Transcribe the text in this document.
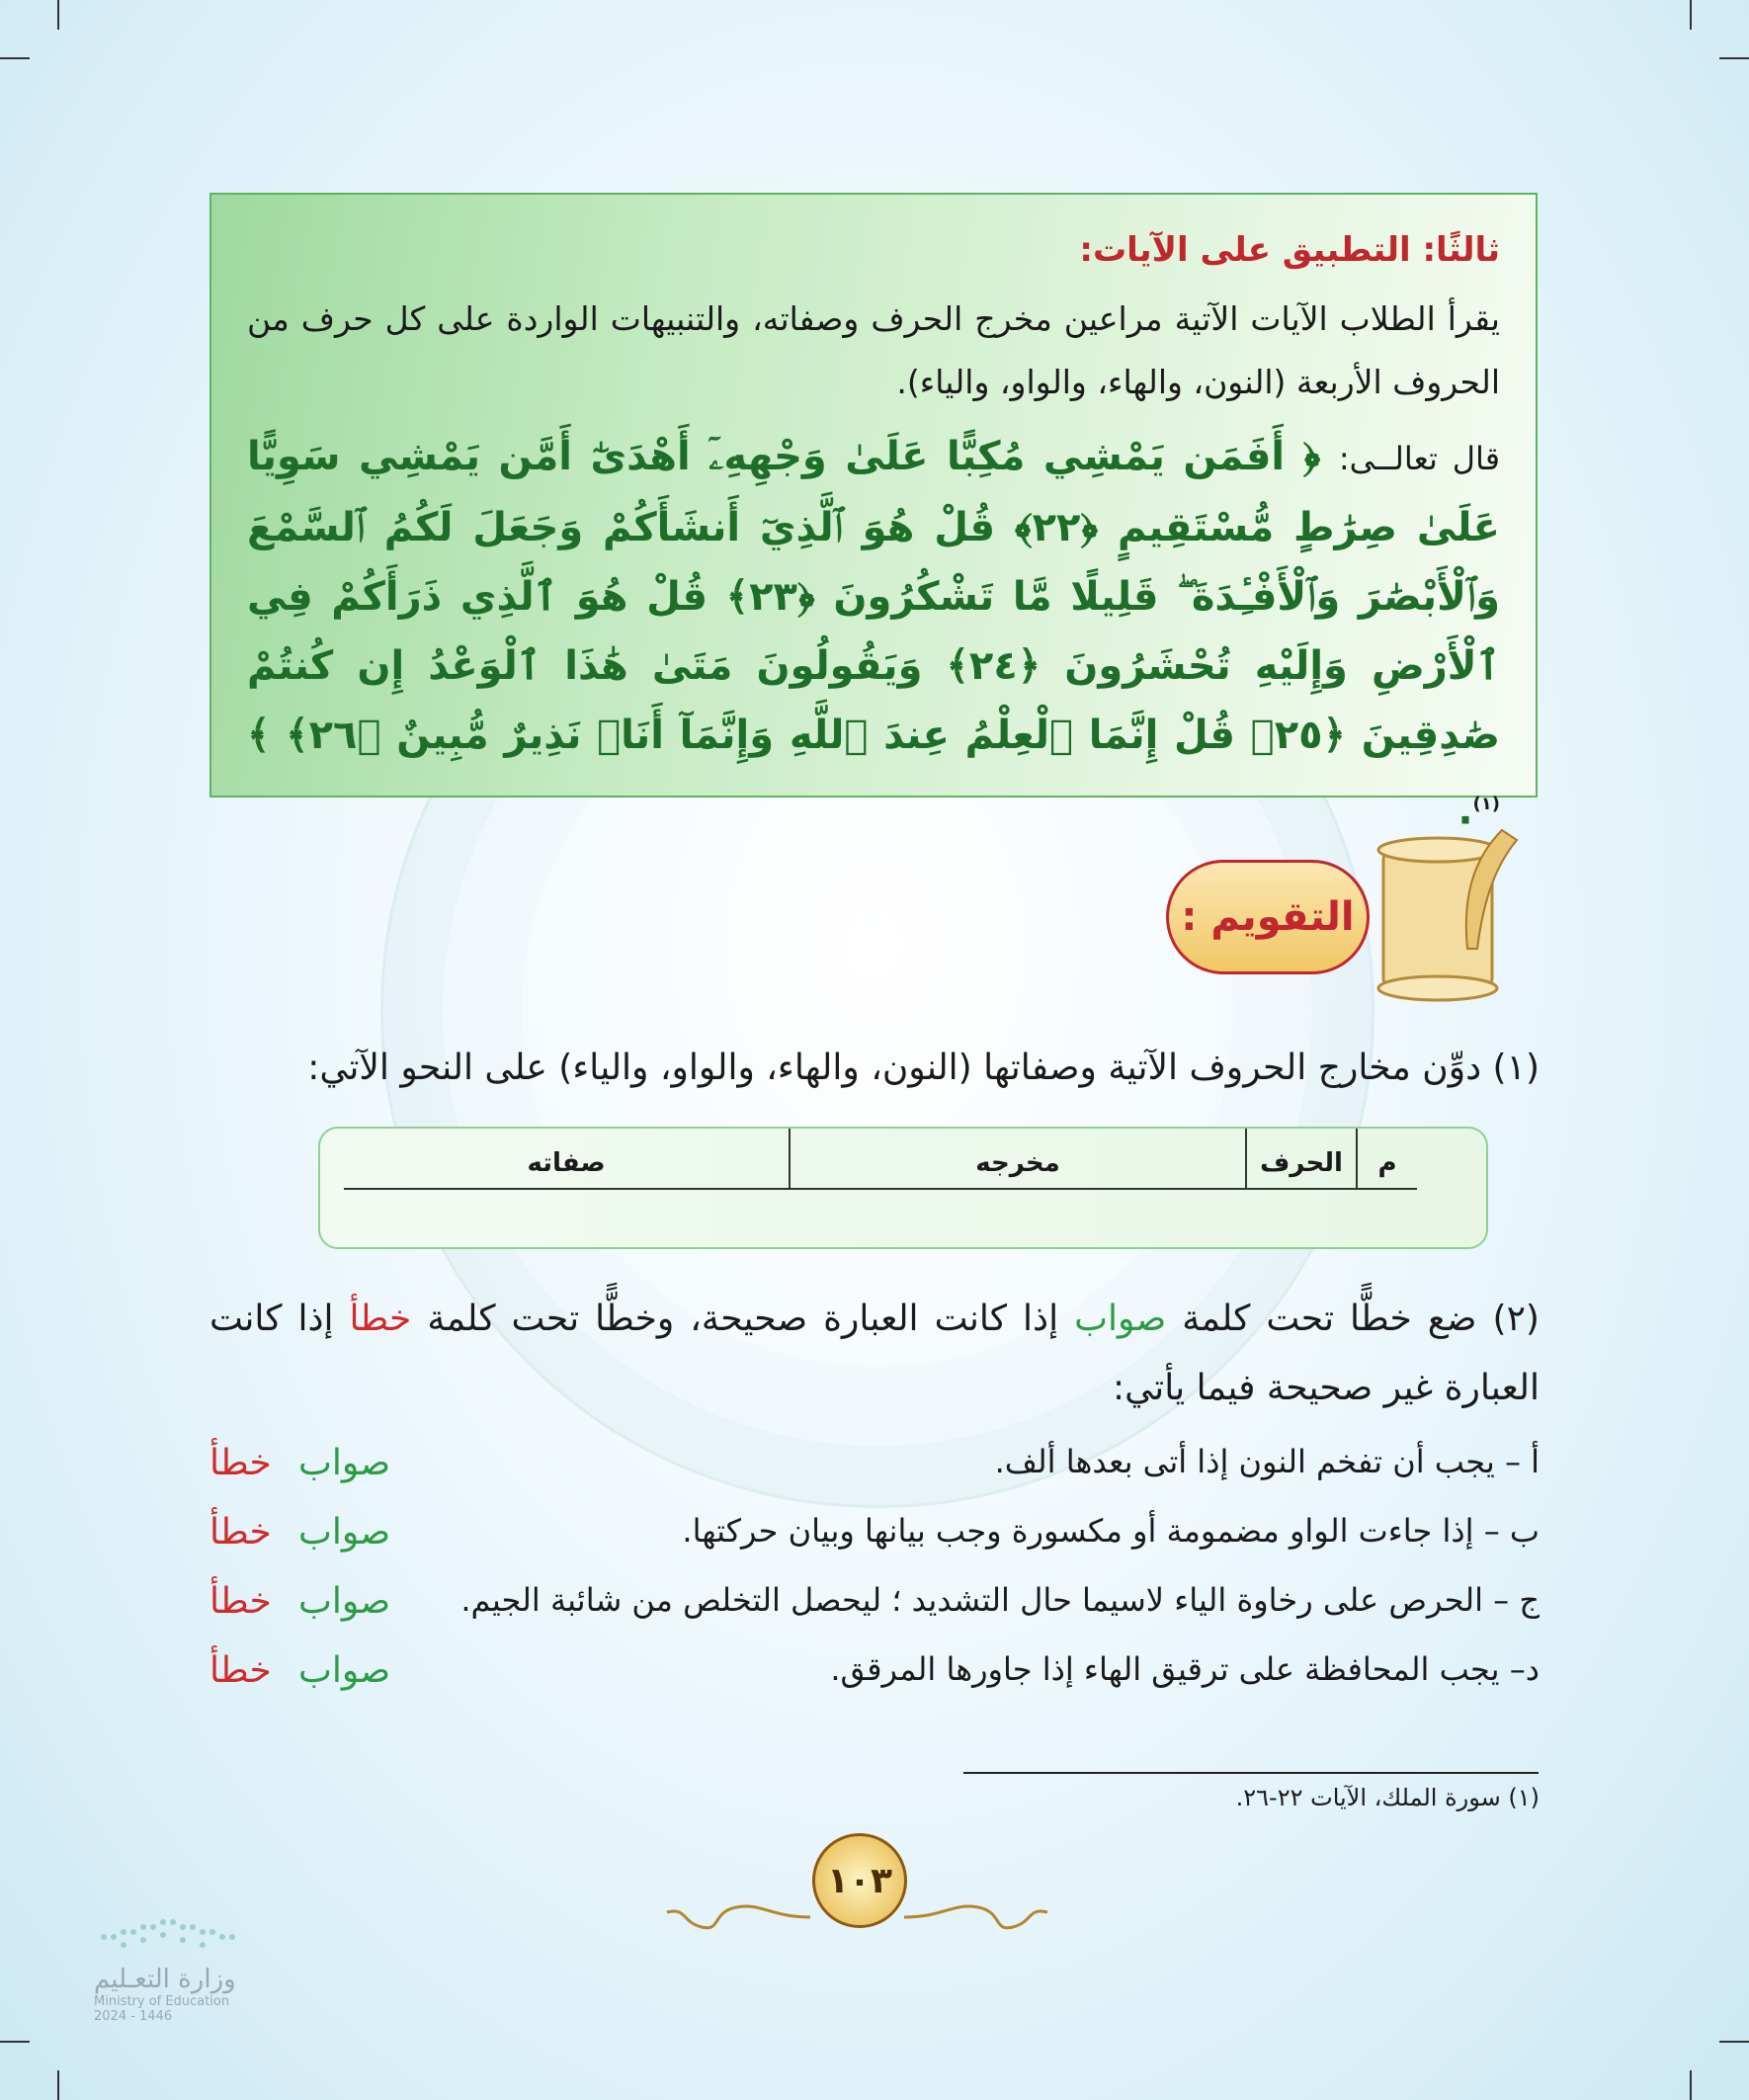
ثالثًا: التطبيق على الآيات:

يقرأ الطلاب الآيات الآتية مراعين مخرج الحرف وصفاته، والتنبيهات الواردة على كل حرف من الحروف الأربعة (النون، والهاء، والواو، والياء).

قال تعالــى: ﴿ أَفَمَن يَمْشِي مُكِبًّا عَلَىٰ وَجْهِهِۦٓ أَهْدَىٰٓ أَمَّن يَمْشِي سَوِيًّا عَلَىٰ صِرَٰطٍ مُّسْتَقِيمٍ ﴿٢٢﴾ قُلْ هُوَ ٱلَّذِيٓ أَنشَأَكُمْ وَجَعَلَ لَكُمُ ٱلسَّمْعَ وَٱلْأَبْصَٰرَ وَٱلْأَفْـِٔدَةَ ۖ قَلِيلًا مَّا تَشْكُرُونَ ﴿٢٣﴾ قُلْ هُوَ ٱلَّذِي ذَرَأَكُمْ فِي ٱلْأَرْضِ وَإِلَيْهِ تُحْشَرُونَ ﴿٢٤﴾ وَيَقُولُونَ مَتَىٰ هَٰذَا ٱلْوَعْدُ إِن كُنتُمْ صَٰدِقِينَ ﴿٢٥﴾ قُلْ إِنَّمَا ٱلْعِلْمُ عِندَ ٱللَّهِ وَإِنَّمَآ أَنَا۠ نَذِيرٌ مُّبِينٌ ﴿٢٦﴾ ﴾ $^{(١)}$.
التقويم :
(١) دوِّن مخارج الحروف الآتية وصفاتها (النون، والهاء، والواو، والياء) على النحو الآتي:
م
الحرف
مخرجه
صفاته

(٢) ضع خطًّا تحت كلمة صواب إذا كانت العبارة صحيحة، وخطًّا تحت كلمة خطأ إذا كانت العبارة غير صحيحة فيما يأتي:

أ – يجب أن تفخم النون إذا أتى بعدها ألف.
صواب
خطأ
ب – إذا جاءت الواو مضمومة أو مكسورة وجب بيانها وبيان حركتها.
صواب
خطأ
ج – الحرص على رخاوة الياء لاسيما حال التشديد ؛ ليحصل التخلص من شائبة الجيم.
صواب
خطأ
د– يجب المحافظة على ترقيق الهاء إذا جاورها المرقق.
صواب
خطأ
(١) سورة الملك، الآيات ٢٢-٢٦.
١٠٣
وزارة التعـليم
Ministry of Education
2024 - 1446
